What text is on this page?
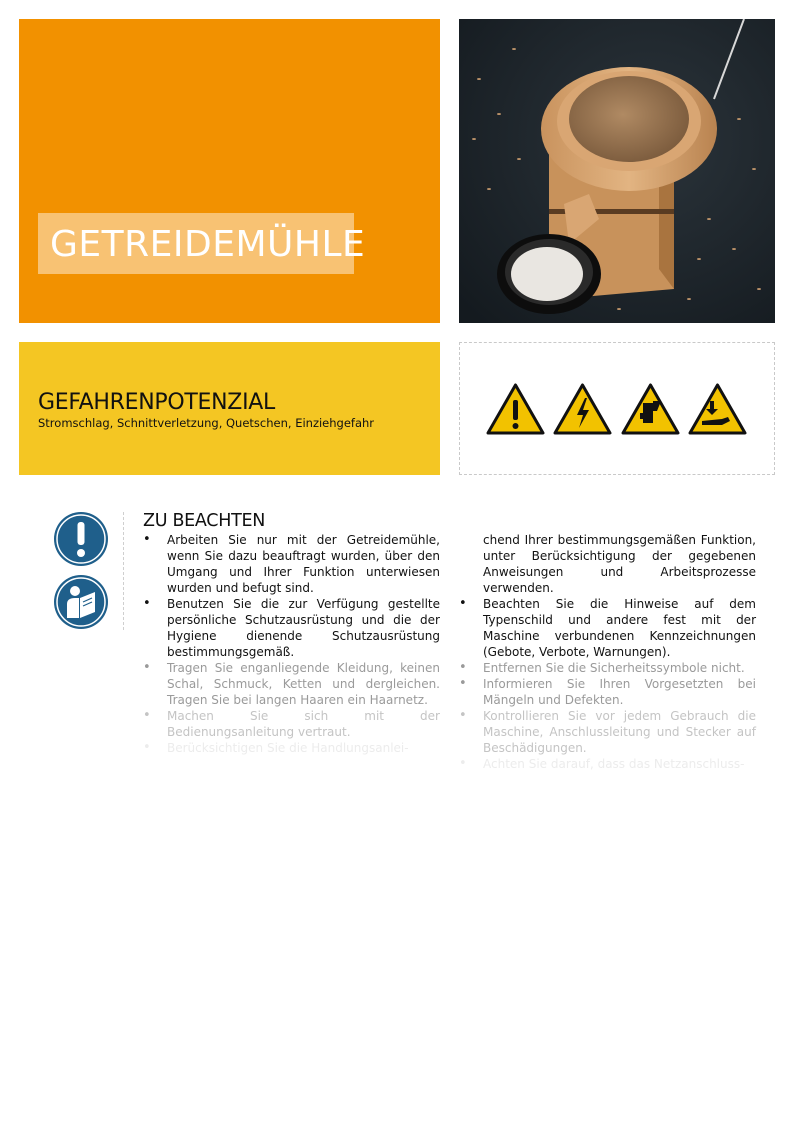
GETREIDEMÜHLE
GEFAHRENPOTENZIAL
Stromschlag, Schnittverletzung, Quetschen, Einziehgefahr
ZU BEACHTEN
• Arbeiten Sie nur mit der Getreidemühle, wenn Sie dazu beauftragt wurden, über den Umgang und Ihrer Funktion unterwiesen wurden und befugt sind.
• Benutzen Sie die zur Verfügung gestellte persönliche Schutzausrüstung und die der Hygiene dienende Schutzausrüstung bestimmungsgemäß.
• Tragen Sie enganliegende Kleidung, keinen Schal, Schmuck, Ketten und dergleichen. Tragen Sie bei langen Haaren ein Haarnetz.
• Machen Sie sich mit der Bedienungsanleitung vertraut.
• Berücksichtigen Sie die Handlungsanlei-
chend Ihrer bestimmungsgemäßen Funktion, unter Berücksichtigung der gegebenen Anweisungen und Arbeitsprozesse verwenden.
• Beachten Sie die Hinweise auf dem Typenschild und andere fest mit der Maschine verbundenen Kennzeichnungen (Gebote, Verbote, Warnungen).
• Entfernen Sie die Sicherheitssymbole nicht.
• Informieren Sie Ihren Vorgesetzten bei Mängeln und Defekten.
• Kontrollieren Sie vor jedem Gebrauch die Maschine, Anschlussleitung und Stecker auf Beschädigungen.
• Achten Sie darauf, dass das Netzanschluss-
